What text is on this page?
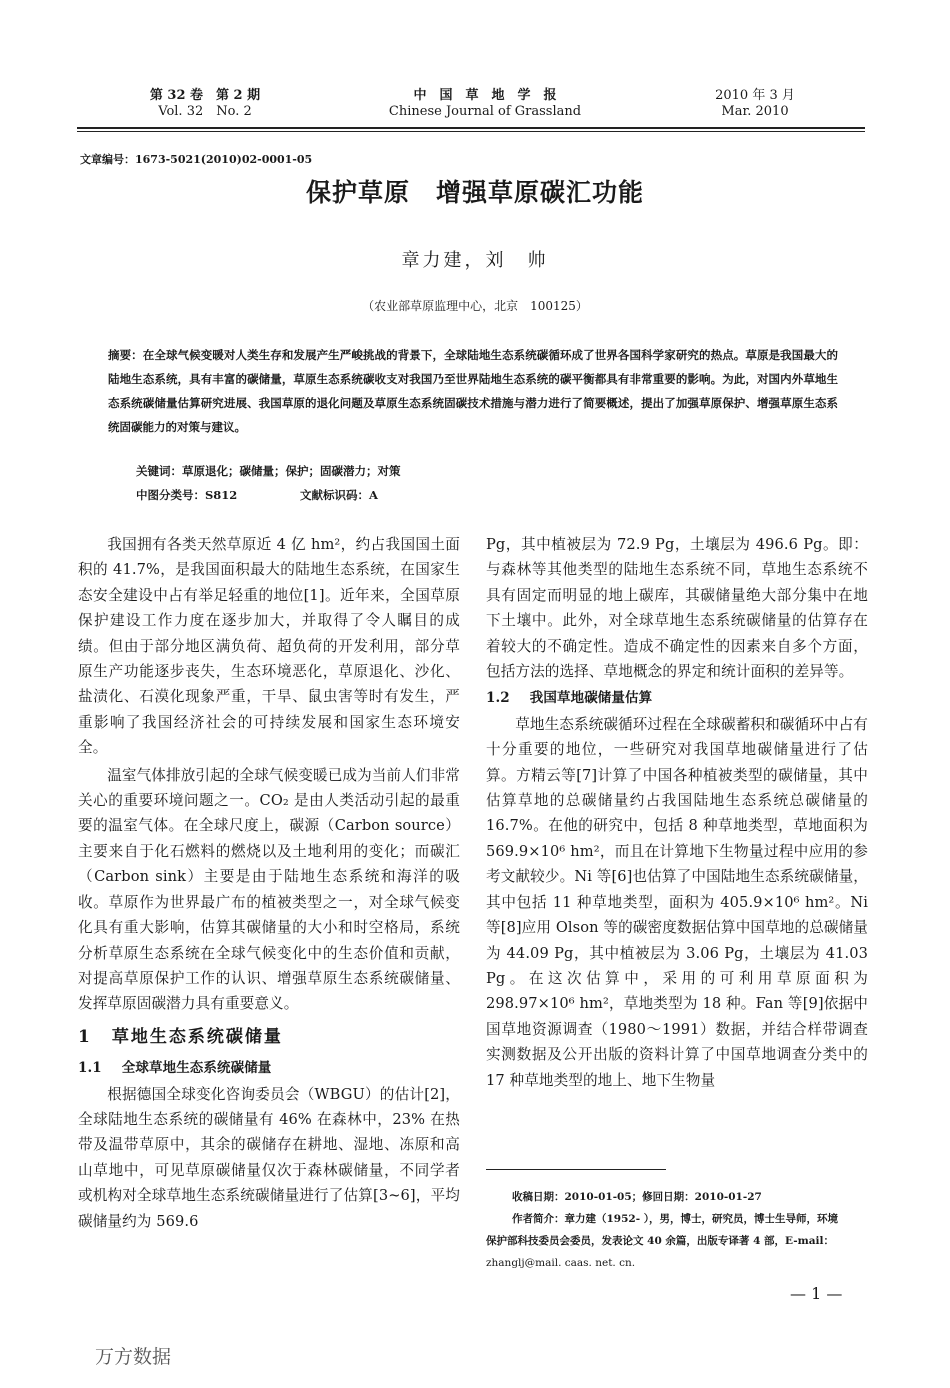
第 32 卷　第 2 期
Vol. 32　No. 2
中　国　草　地　学　报
Chinese Journal of Grassland
2010 年 3 月
Mar. 2010
文章编号：1673-5021(2010)02-0001-05
保护草原　增强草原碳汇功能
章力建，刘　帅
（农业部草原监理中心，北京　100125）
摘要：在全球气候变暖对人类生存和发展产生严峻挑战的背景下，全球陆地生态系统碳循环成了世界各国科学家研究的热点。草原是我国最大的陆地生态系统，具有丰富的碳储量，草原生态系统碳收支对我国乃至世界陆地生态系统的碳平衡都具有非常重要的影响。为此，对国内外草地生态系统碳储量估算研究进展、我国草原的退化问题及草原生态系统固碳技术措施与潜力进行了简要概述，提出了加强草原保护、增强草原生态系统固碳能力的对策与建议。
关键词：草原退化；碳储量；保护；固碳潜力；对策
中图分类号：S812	文献标识码：A

我国拥有各类天然草原近 4 亿 hm²，约占我国国土面积的 41.7%，是我国面积最大的陆地生态系统，在国家生态安全建设中占有举足轻重的地位[1]。近年来，全国草原保护建设工作力度在逐步加大，并取得了令人瞩目的成绩。但由于部分地区满负荷、超负荷的开发利用，部分草原生产功能逐步丧失，生态环境恶化，草原退化、沙化、盐渍化、石漠化现象严重，干旱、鼠虫害等时有发生，严重影响了我国经济社会的可持续发展和国家生态环境安全。

温室气体排放引起的全球气候变暖已成为当前人们非常关心的重要环境问题之一。CO₂ 是由人类活动引起的最重要的温室气体。在全球尺度上，碳源（Carbon source）主要来自于化石燃料的燃烧以及土地利用的变化；而碳汇（Carbon sink）主要是由于陆地生态系统和海洋的吸收。草原作为世界最广布的植被类型之一，对全球气候变化具有重大影响，估算其碳储量的大小和时空格局，系统分析草原生态系统在全球气候变化中的生态价值和贡献，对提高草原保护工作的认识、增强草原生态系统碳储量、发挥草原固碳潜力具有重要意义。

1 草地生态系统碳储量
1.1 全球草地生态系统碳储量

根据德国全球变化咨询委员会（WBGU）的估计[2]，全球陆地生态系统的碳储量有 46% 在森林中，23% 在热带及温带草原中，其余的碳储存在耕地、湿地、冻原和高山草地中，可见草原碳储量仅次于森林碳储量，不同学者或机构对全球草地生态系统碳储量进行了估算[3~6]，平均碳储量约为 569.6

Pg，其中植被层为 72.9 Pg，土壤层为 496.6 Pg。即：与森林等其他类型的陆地生态系统不同，草地生态系统不具有固定而明显的地上碳库，其碳储量绝大部分集中在地下土壤中。此外，对全球草地生态系统碳储量的估算存在着较大的不确定性。造成不确定性的因素来自多个方面，包括方法的选择、草地概念的界定和统计面积的差异等。

1.2 我国草地碳储量估算

草地生态系统碳循环过程在全球碳蓄积和碳循环中占有十分重要的地位，一些研究对我国草地碳储量进行了估算。方精云等[7]计算了中国各种植被类型的碳储量，其中估算草地的总碳储量约占我国陆地生态系统总碳储量的 16.7%。在他的研究中，包括 8 种草地类型，草地面积为 569.9×10⁶ hm²，而且在计算地下生物量过程中应用的参考文献较少。Ni 等[6]也估算了中国陆地生态系统碳储量，其中包括 11 种草地类型，面积为 405.9×10⁶ hm²。Ni 等[8]应用 Olson 等的碳密度数据估算中国草地的总碳储量为 44.09 Pg，其中植被层为 3.06 Pg，土壤层为 41.03 Pg。在这次估算中，采用的可利用草原面积为 298.97×10⁶ hm²，草地类型为 18 种。Fan 等[9]依据中国草地资源调查（1980～1991）数据，并结合样带调查实测数据及公开出版的资料计算了中国草地调查分类中的 17 种草地类型的地上、地下生物量

收稿日期：2010-01-05；修回日期：2010-01-27
作者简介：章力建（1952- ），男，博士，研究员，博士生导师，环境
保护部科技委员会委员，发表论文 40 余篇，出版专译著 4 部，E-mail：
zhanglj@mail. caas. net. cn.
— 1 —
万方数据
